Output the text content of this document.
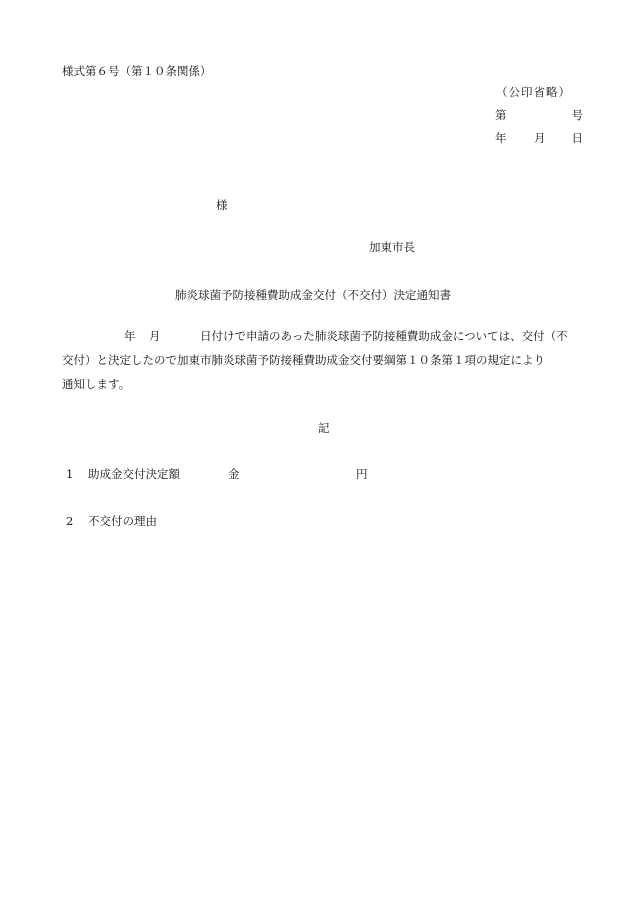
様式第６号（第１０条関係）
（公印省略）
第	号
年 月 日
様
加東市長
肺炎球菌予防接種費助成金交付（不交付）決定通知書
年 月	日付けで申請のあった肺炎球菌予防接種費助成金については、交付（不
交付）と決定したので加東市肺炎球菌予防接種費助成金交付要綱第１０条第１項の規定により
通知します。
記
1 助成金交付決定額	金	円
2 不交付の理由
